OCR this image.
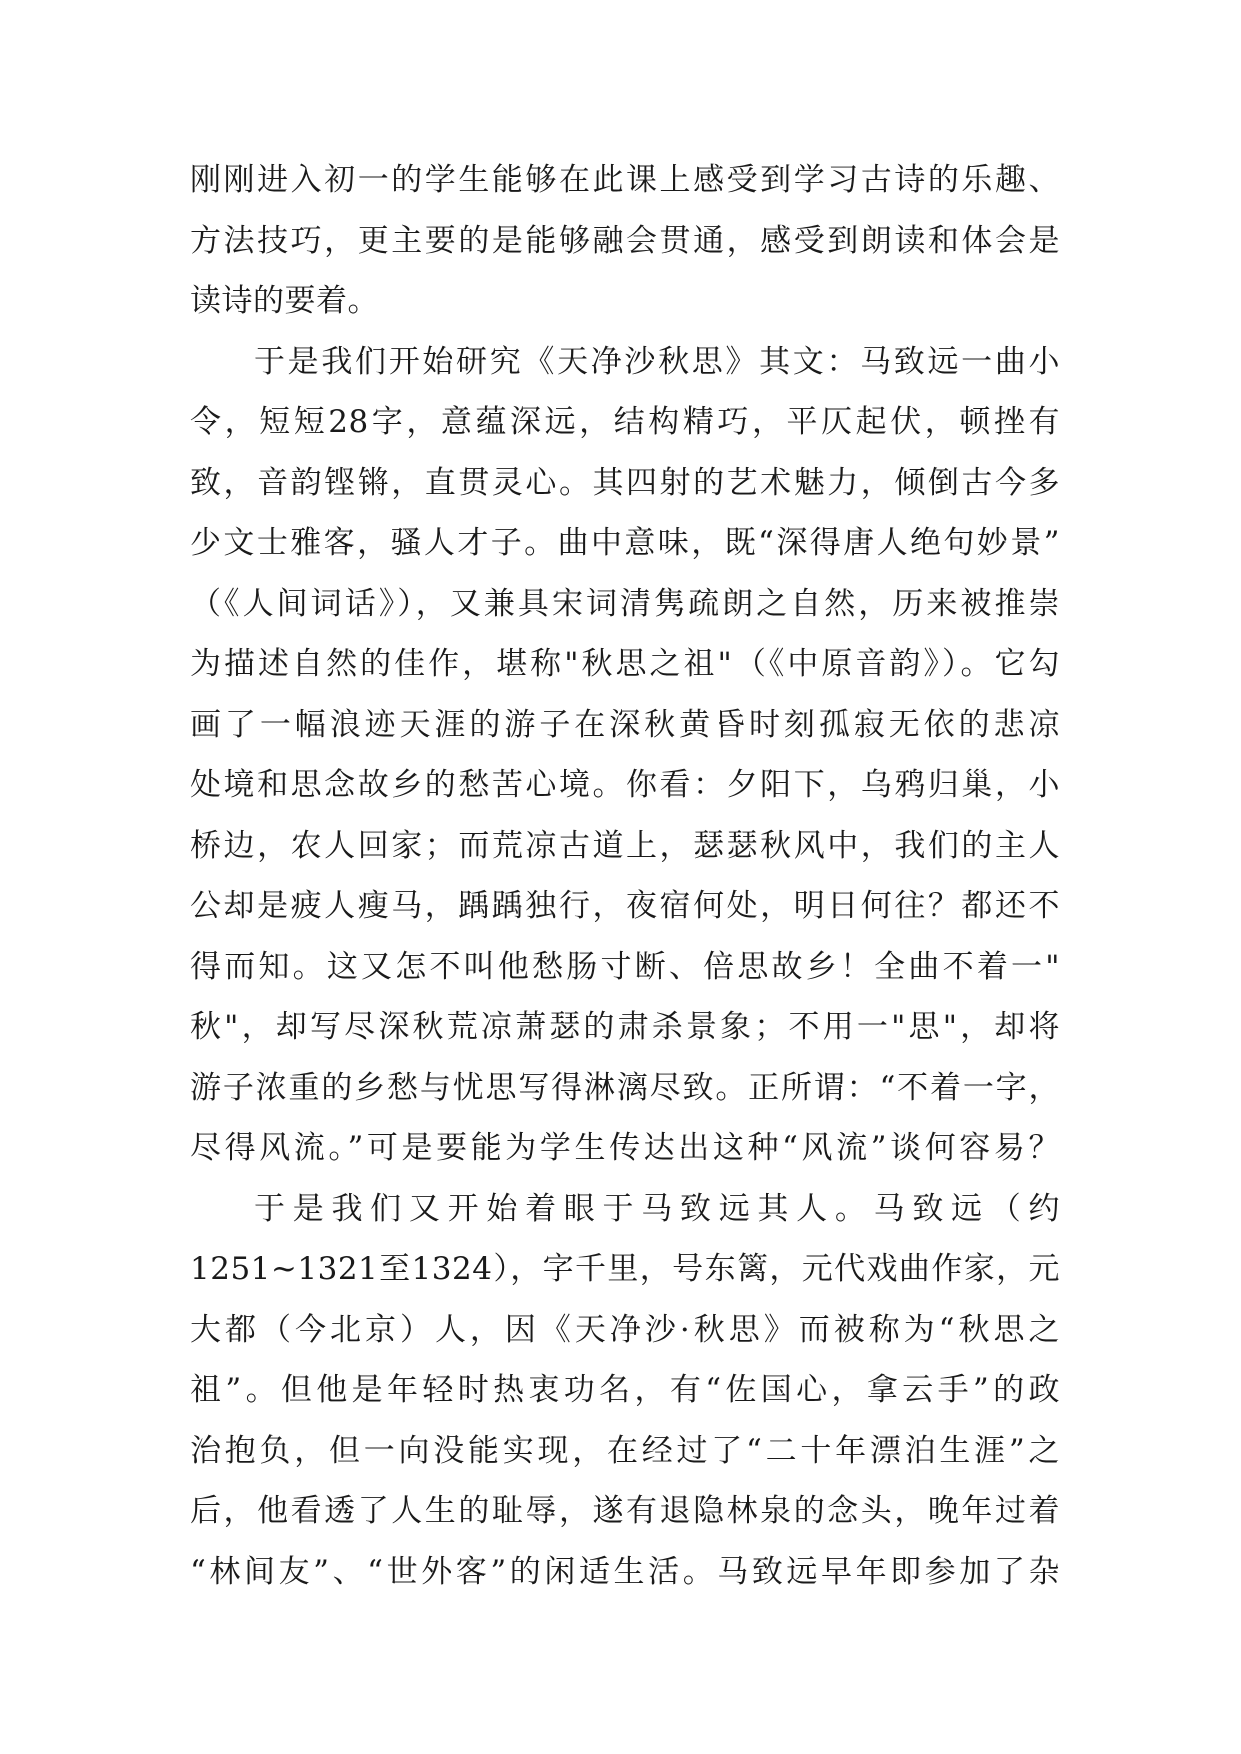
刚刚进入初一的学生能够在此课上感受到学习古诗的乐趣、
方法技巧，更主要的是能够融会贯通，感受到朗读和体会是
读诗的要着。
于是我们开始研究《天净沙秋思》其文：马致远一曲小
令，短短28字，意蕴深远，结构精巧，平仄起伏，顿挫有
致，音韵铿锵，直贯灵心。其四射的艺术魅力，倾倒古今多
少文士雅客，骚人才子。曲中意味，既“深得唐人绝句妙景”
（《人间词话》），又兼具宋词清隽疏朗之自然，历来被推崇
为描述自然的佳作，堪称"秋思之祖"（《中原音韵》）。它勾
画了一幅浪迹天涯的游子在深秋黄昏时刻孤寂无依的悲凉
处境和思念故乡的愁苦心境。你看：夕阳下，乌鸦归巢，小
桥边，农人回家；而荒凉古道上，瑟瑟秋风中，我们的主人
公却是疲人瘦马，踽踽独行，夜宿何处，明日何往？都还不
得而知。这又怎不叫他愁肠寸断、倍思故乡！全曲不着一"
秋"，却写尽深秋荒凉萧瑟的肃杀景象；不用一"思"，却将
游子浓重的乡愁与忧思写得淋漓尽致。正所谓：“不着一字，
尽得风流。”可是要能为学生传达出这种“风流”谈何容易？
于是我们又开始着眼于马致远其人。马致远（约
1251~1321至1324），字千里，号东篱，元代戏曲作家，元
大都（今北京）人，因《天净沙·秋思》而被称为“秋思之
祖”。但他是年轻时热衷功名，有“佐国心，拿云手”的政
治抱负，但一向没能实现，在经过了“二十年漂泊生涯”之
后，他看透了人生的耻辱，遂有退隐林泉的念头，晚年过着
“林间友”、“世外客”的闲适生活。马致远早年即参加了杂
